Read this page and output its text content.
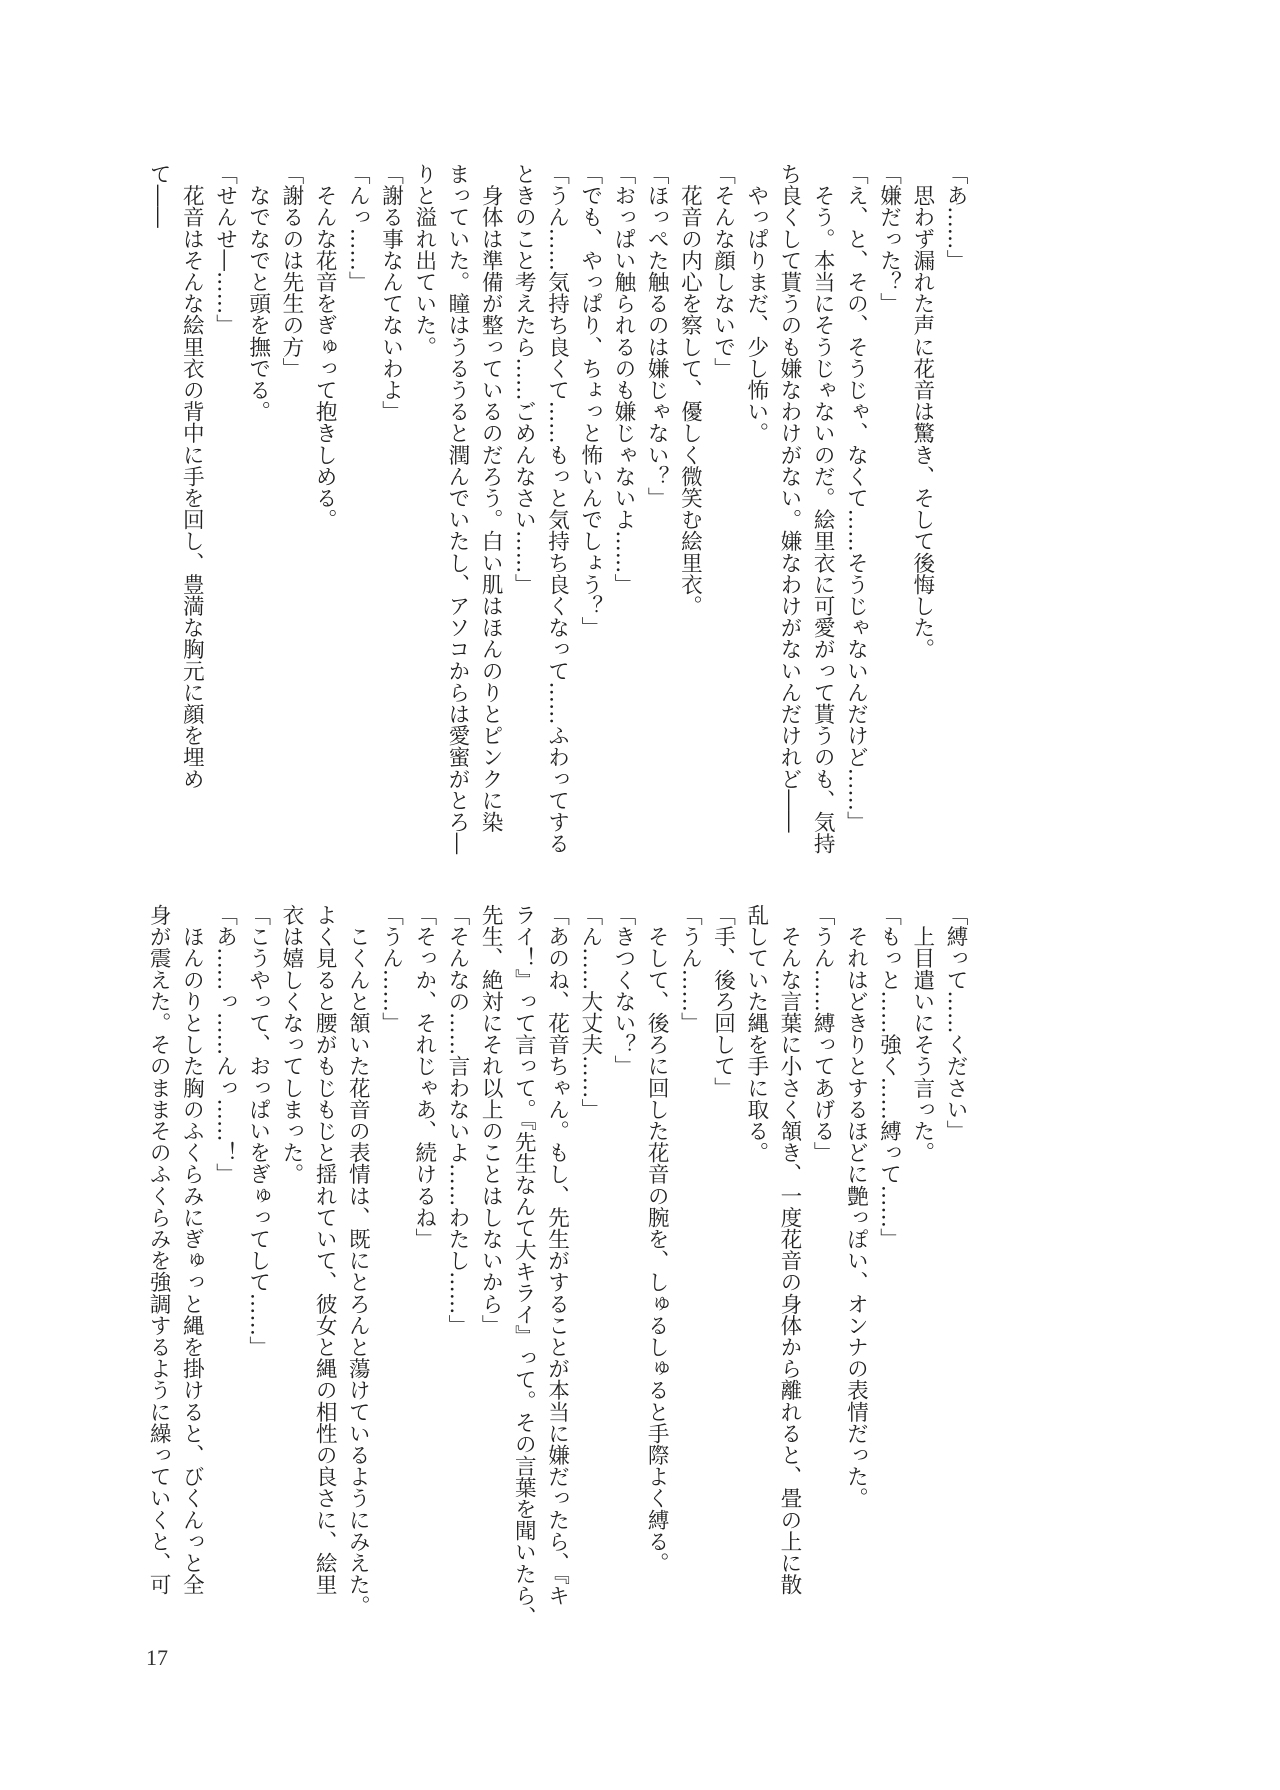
「あ……」
　思わず漏れた声に花音は驚き、そして後悔した。
「嫌だった？」
「え、と、その、そうじゃ、なくて……そうじゃないんだけど……」
　そう。本当にそうじゃないのだ。絵里衣に可愛がって貰うのも、気持
ち良くして貰うのも嫌なわけがない。嫌なわけがないんだけれど――
　やっぱりまだ、少し怖い。
「そんな顔しないで」
　花音の内心を察して、優しく微笑む絵里衣。
「ほっぺた触るのは嫌じゃない？」
「おっぱい触られるのも嫌じゃないよ……」
「でも、やっぱり、ちょっと怖いんでしょう？」
「うん……気持ち良くて……もっと気持ち良くなって……ふわってする
ときのこと考えたら……ごめんなさい……」
　身体は準備が整っているのだろう。白い肌はほんのりとピンクに染
まっていた。瞳はうるうると潤んでいたし、アソコからは愛蜜がとろ―
りと溢れ出ていた。
「謝る事なんてないわよ」
「んっ……」
　そんな花音をぎゅって抱きしめる。
「謝るのは先生の方」
　なでなでと頭を撫でる。
「せんせ―……」
　花音はそんな絵里衣の背中に手を回し、豊満な胸元に顔を埋め
て――
「縛って……ください」
　上目遣いにそう言った。
「もっと……強く……縛って……」
　それはどきりとするほどに艶っぽい、オンナの表情だった。
「うん……縛ってあげる」
　そんな言葉に小さく頷き、一度花音の身体から離れると、畳の上に散
乱していた縄を手に取る。
「手、後ろ回して」
「うん……」
　そして、後ろに回した花音の腕を、しゅるしゅると手際よく縛る。
「きつくない？」
「ん……大丈夫……」
「あのね、花音ちゃん。もし、先生がすることが本当に嫌だったら、『キ
ライ！』って言って。『先生なんて大キライ』って。その言葉を聞いたら、
先生、絶対にそれ以上のことはしないから」
「そんなの……言わないよ……わたし……」
「そっか、それじゃあ、続けるね」
「うん……」
　こくんと頷いた花音の表情は、既にとろんと蕩けているようにみえた。
よく見ると腰がもじもじと揺れていて、彼女と縄の相性の良さに、絵里
衣は嬉しくなってしまった。
「こうやって、おっぱいをぎゅってして……」
「あ……っ……んっ……！」
　ほんのりとした胸のふくらみにぎゅっと縄を掛けると、びくんっと全
身が震えた。そのままそのふくらみを強調するように繰っていくと、可
17
